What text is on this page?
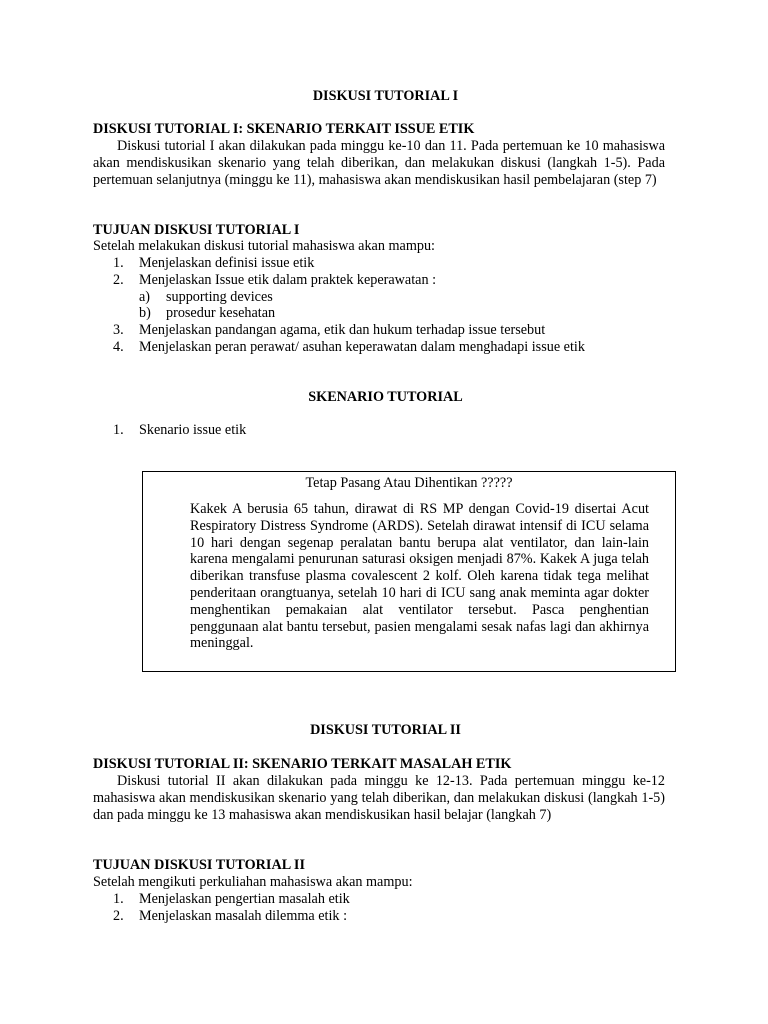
DISKUSI TUTORIAL I
DISKUSI TUTORIAL I: SKENARIO TERKAIT ISSUE ETIK
Diskusi tutorial I akan dilakukan pada minggu ke-10 dan 11. Pada pertemuan ke 10 mahasiswa akan mendiskusikan skenario yang telah diberikan, dan melakukan diskusi (langkah 1-5). Pada pertemuan selanjutnya (minggu ke 11), mahasiswa akan mendiskusikan hasil pembelajaran (step 7)
TUJUAN DISKUSI TUTORIAL I
Setelah melakukan diskusi tutorial mahasiswa akan mampu:
1. Menjelaskan definisi issue etik
2. Menjelaskan Issue etik dalam praktek keperawatan :
a) supporting devices
b) prosedur kesehatan
3. Menjelaskan pandangan agama, etik dan hukum terhadap issue tersebut
4. Menjelaskan peran perawat/ asuhan keperawatan dalam menghadapi issue etik
SKENARIO TUTORIAL
1. Skenario issue etik
Tetap Pasang Atau Dihentikan ?????
Kakek A berusia 65 tahun, dirawat di RS MP dengan Covid-19 disertai Acut Respiratory Distress Syndrome (ARDS). Setelah dirawat intensif di ICU selama 10 hari dengan segenap peralatan bantu berupa alat ventilator, dan lain-lain karena mengalami penurunan saturasi oksigen menjadi 87%. Kakek A juga telah diberikan transfuse plasma covalescent 2 kolf. Oleh karena tidak tega melihat penderitaan orangtuanya, setelah 10 hari di ICU sang anak meminta agar dokter menghentikan pemakaian alat ventilator tersebut. Pasca penghentian penggunaan alat bantu tersebut, pasien mengalami sesak nafas lagi dan akhirnya meninggal.
DISKUSI TUTORIAL II
DISKUSI TUTORIAL II: SKENARIO TERKAIT MASALAH ETIK
Diskusi tutorial II akan dilakukan pada minggu ke 12-13. Pada pertemuan minggu ke-12 mahasiswa akan mendiskusikan skenario yang telah diberikan, dan melakukan diskusi (langkah 1-5) dan pada minggu ke 13 mahasiswa akan mendiskusikan hasil belajar (langkah 7)
TUJUAN DISKUSI TUTORIAL II
Setelah mengikuti perkuliahan mahasiswa akan mampu:
1. Menjelaskan pengertian masalah etik
2. Menjelaskan masalah dilemma etik :
